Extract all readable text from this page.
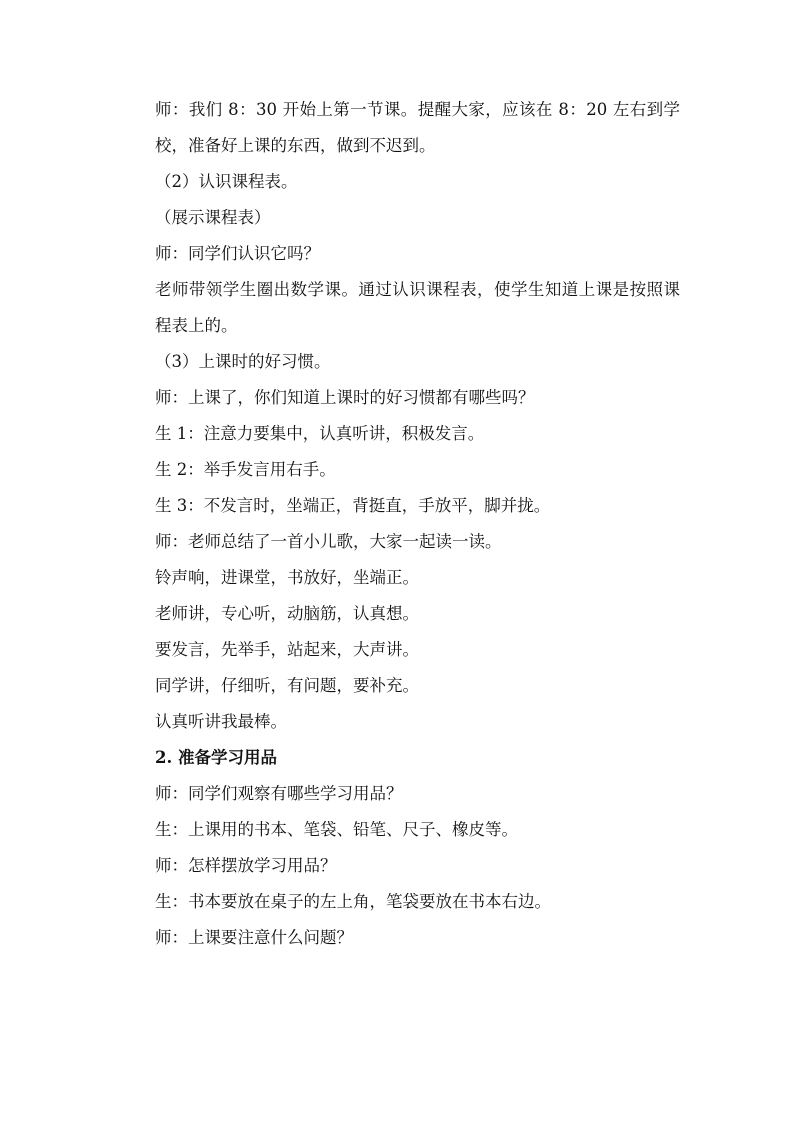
师：我们 8：30 开始上第一节课。提醒大家，应该在 8：20 左右到学校，准备好上课的东西，做到不迟到。

（2）认识课程表。

（展示课程表）

师：同学们认识它吗？

老师带领学生圈出数学课。通过认识课程表，使学生知道上课是按照课程表上的。

（3）上课时的好习惯。

师：上课了，你们知道上课时的好习惯都有哪些吗？

生 1：注意力要集中，认真听讲，积极发言。

生 2：举手发言用右手。

生 3：不发言时，坐端正，背挺直，手放平，脚并拢。

师：老师总结了一首小儿歌，大家一起读一读。

铃声响，进课堂，书放好，坐端正。

老师讲，专心听，动脑筋，认真想。

要发言，先举手，站起来，大声讲。

同学讲，仔细听，有问题，要补充。

认真听讲我最棒。

2. 准备学习用品

师：同学们观察有哪些学习用品？

生：上课用的书本、笔袋、铅笔、尺子、橡皮等。

师：怎样摆放学习用品？

生：书本要放在桌子的左上角，笔袋要放在书本右边。

师：上课要注意什么问题？
